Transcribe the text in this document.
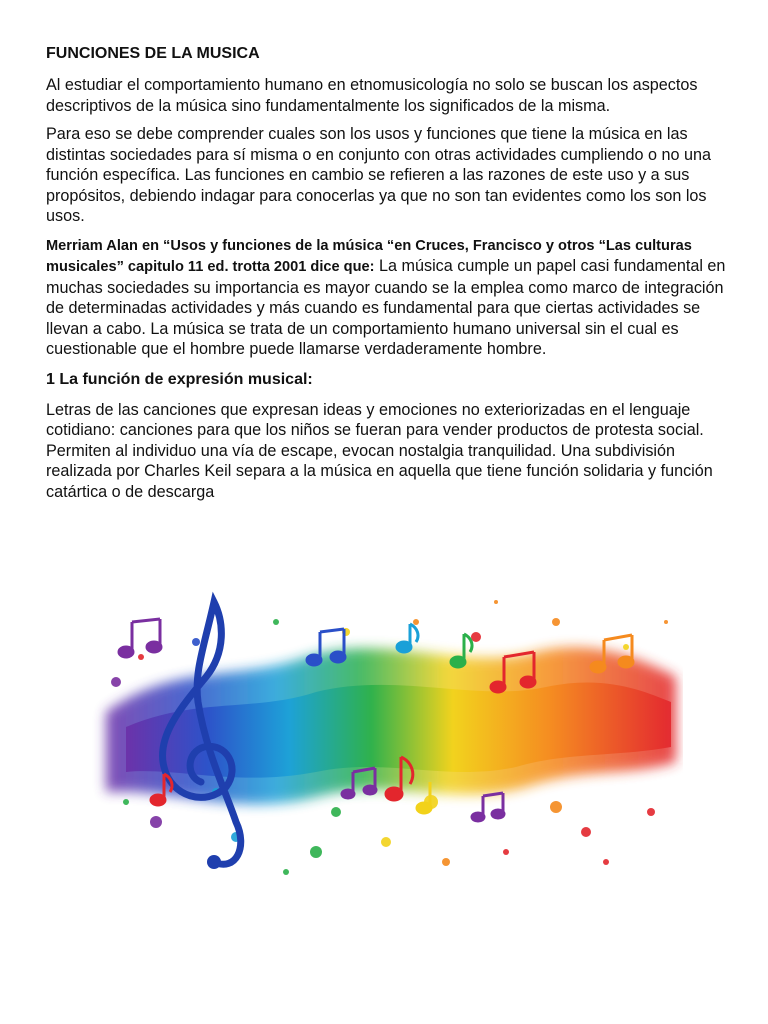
FUNCIONES DE LA MUSICA

Al estudiar el comportamiento humano en etnomusicología no solo se buscan los aspectos descriptivos de la música sino fundamentalmente los significados de la misma.

Para eso se debe comprender cuales son los usos y funciones que tiene la música en las distintas sociedades para sí misma o en conjunto con otras actividades cumpliendo o no una función específica. Las funciones en cambio se refieren a las razones de este uso y a sus propósitos, debiendo indagar para conocerlas ya que no son tan evidentes como los son los usos.

Merriam Alan en “Usos y funciones de la música “en Cruces, Francisco y otros “Las culturas musicales” capitulo 11 ed. trotta 2001 dice que: La música cumple un papel casi fundamental en muchas sociedades su importancia es mayor cuando se la emplea como marco de integración de determinadas actividades y más cuando es fundamental para que ciertas actividades se llevan a cabo. La música se trata de un comportamiento humano universal sin el cual es cuestionable que el hombre puede llamarse verdaderamente hombre.

1 La función de expresión musical:

Letras de las canciones que expresan ideas y emociones no exteriorizadas en el lenguaje cotidiano: canciones para que los niños se fueran para vender productos de protesta social. Permiten al individuo una vía de escape, evocan nostalgia tranquilidad. Una subdivisión realizada por Charles Keil separa a la música en aquella que tiene función solidaria y función catártica o de descarga
